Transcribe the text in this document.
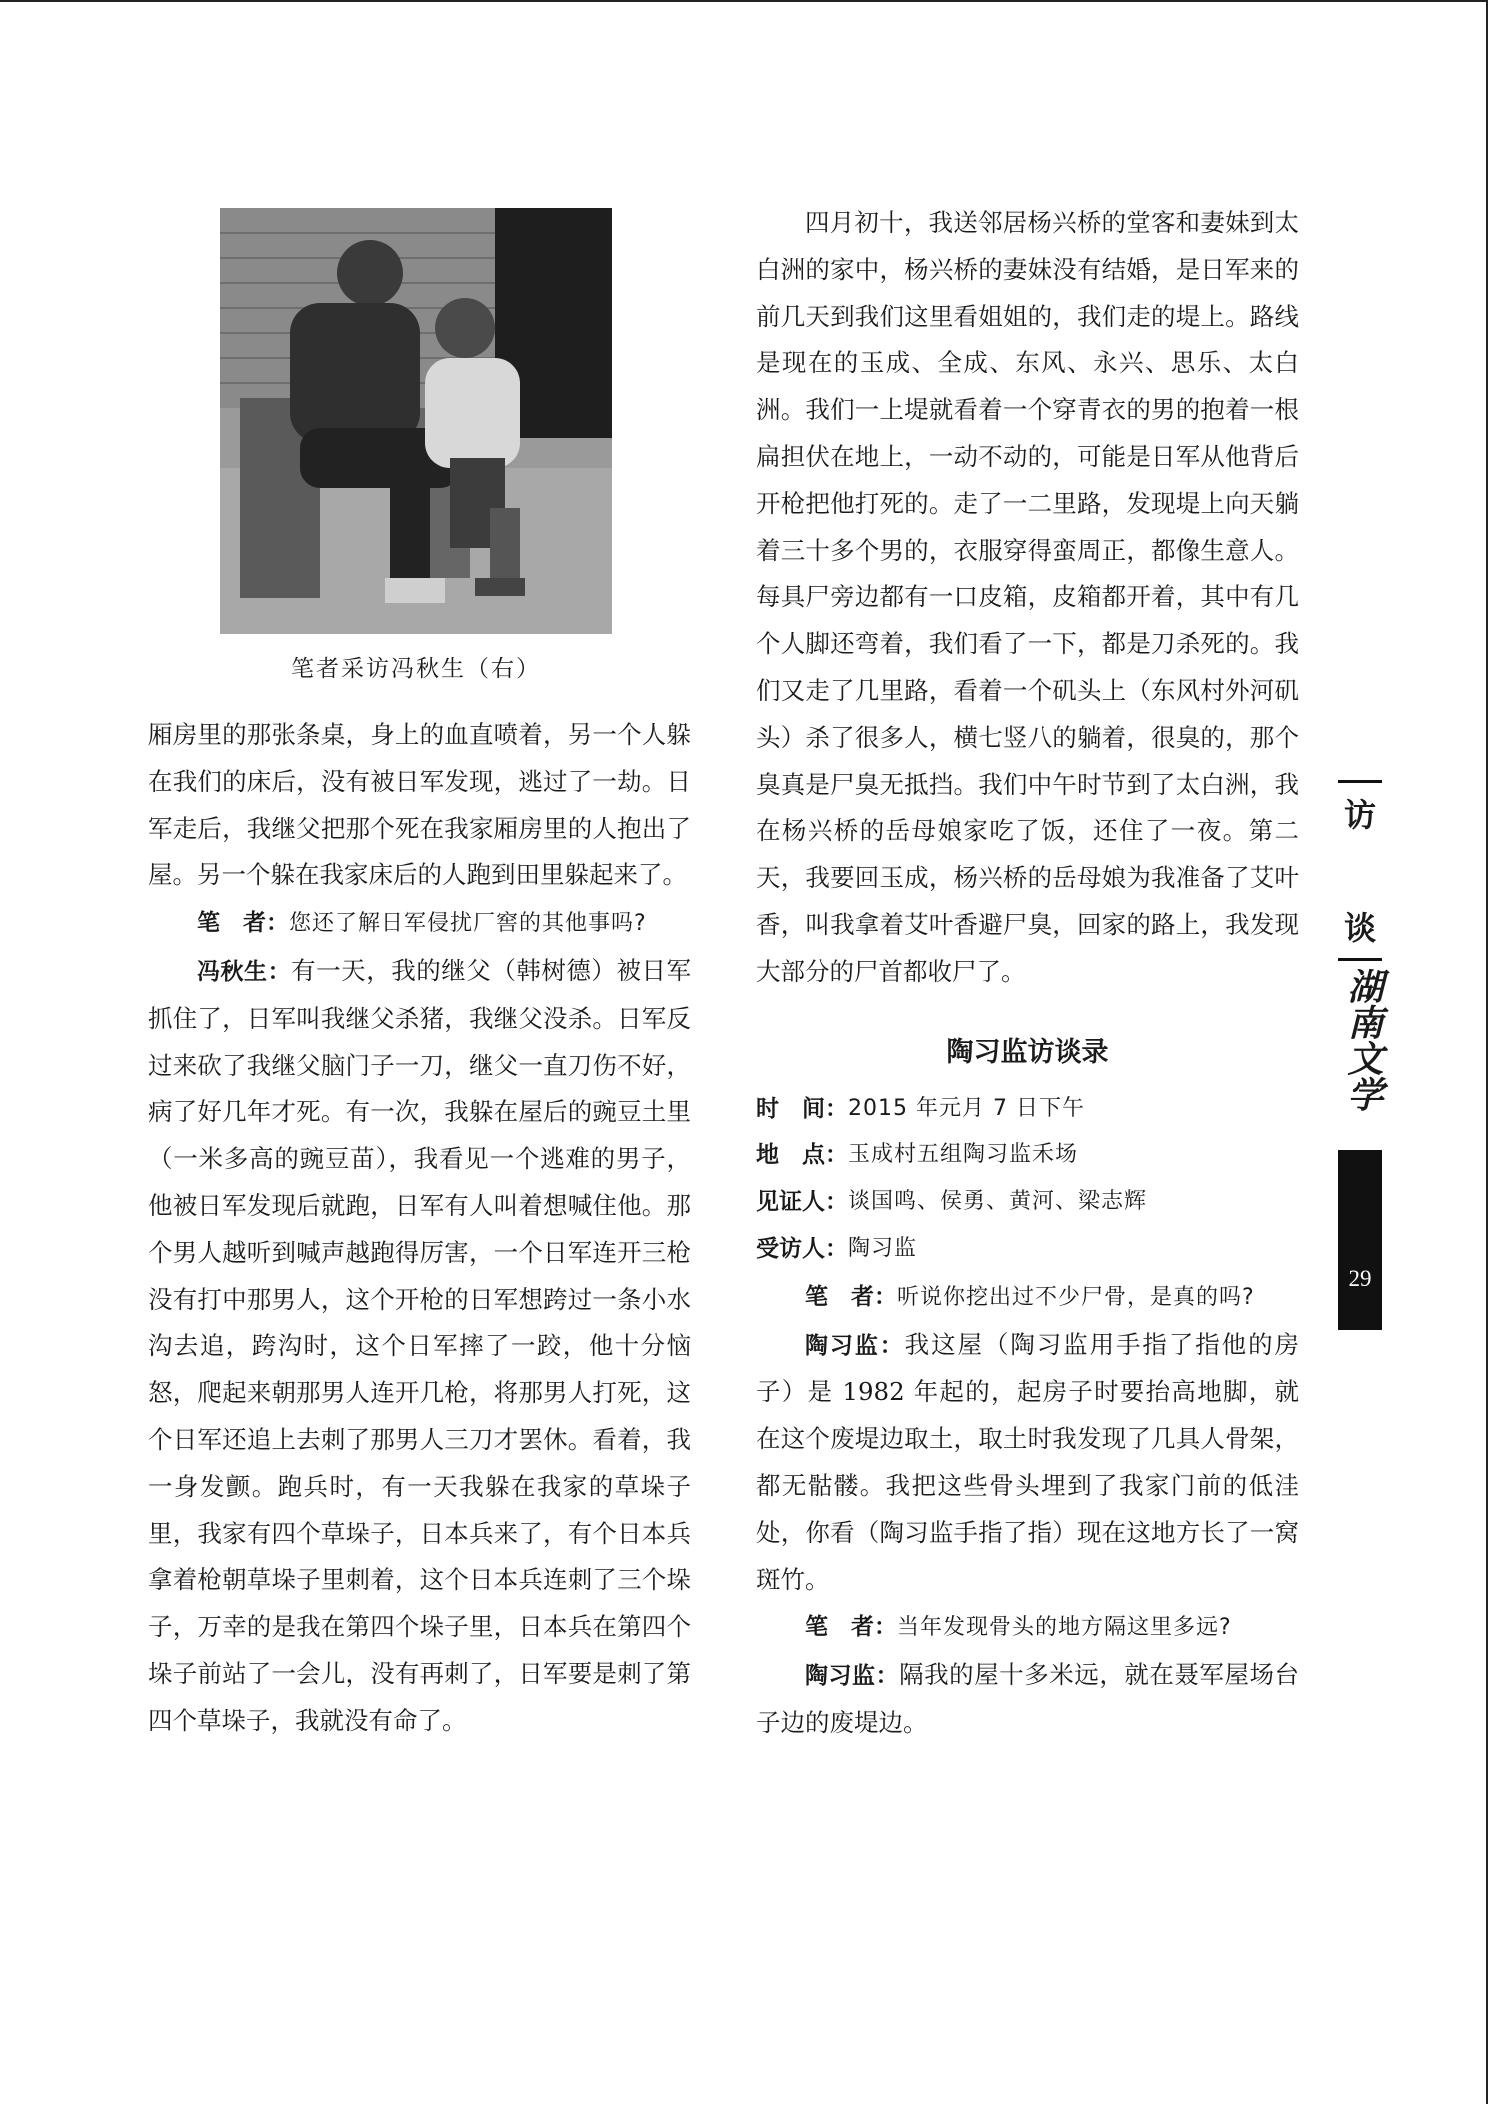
笔者采访冯秋生（右）

厢房里的那张条桌，身上的血直喷着，另一个人躲在我们的床后，没有被日军发现，逃过了一劫。日军走后，我继父把那个死在我家厢房里的人抱出了屋。另一个躲在我家床后的人跑到田里躲起来了。

笔　者：您还了解日军侵扰厂窖的其他事吗?

冯秋生：有一天，我的继父（韩树德）被日军抓住了，日军叫我继父杀猪，我继父没杀。日军反过来砍了我继父脑门子一刀，继父一直刀伤不好，病了好几年才死。有一次，我躲在屋后的豌豆土里（一米多高的豌豆苗），我看见一个逃难的男子，他被日军发现后就跑，日军有人叫着想喊住他。那个男人越听到喊声越跑得厉害，一个日军连开三枪没有打中那男人，这个开枪的日军想跨过一条小水沟去追，跨沟时，这个日军摔了一跤，他十分恼怒，爬起来朝那男人连开几枪，将那男人打死，这个日军还追上去刺了那男人三刀才罢休。看着，我一身发颤。跑兵时，有一天我躲在我家的草垛子里，我家有四个草垛子，日本兵来了，有个日本兵拿着枪朝草垛子里刺着，这个日本兵连刺了三个垛子，万幸的是我在第四个垛子里，日本兵在第四个垛子前站了一会儿，没有再刺了，日军要是刺了第四个草垛子，我就没有命了。

四月初十，我送邻居杨兴桥的堂客和妻妹到太白洲的家中，杨兴桥的妻妹没有结婚，是日军来的前几天到我们这里看姐姐的，我们走的堤上。路线是现在的玉成、全成、东风、永兴、思乐、太白洲。我们一上堤就看着一个穿青衣的男的抱着一根扁担伏在地上，一动不动的，可能是日军从他背后开枪把他打死的。走了一二里路，发现堤上向天躺着三十多个男的，衣服穿得蛮周正，都像生意人。每具尸旁边都有一口皮箱，皮箱都开着，其中有几个人脚还弯着，我们看了一下，都是刀杀死的。我们又走了几里路，看着一个矶头上（东风村外河矶头）杀了很多人，横七竖八的躺着，很臭的，那个臭真是尸臭无抵挡。我们中午时节到了太白洲，我在杨兴桥的岳母娘家吃了饭，还住了一夜。第二天，我要回玉成，杨兴桥的岳母娘为我准备了艾叶香，叫我拿着艾叶香避尸臭，回家的路上，我发现大部分的尸首都收尸了。

陶习监访谈录
时　间： 2015 年元月 7 日下午
地　点： 玉成村五组陶习监禾场
见证人： 谈国鸣、侯勇、黄河、梁志辉
受访人： 陶习监

笔　者：听说你挖出过不少尸骨，是真的吗?

陶习监：我这屋（陶习监用手指了指他的房子）是 1982 年起的，起房子时要抬高地脚，就在这个废堤边取土，取土时我发现了几具人骨架，都无骷髅。我把这些骨头埋到了我家门前的低洼处，你看（陶习监手指了指）现在这地方长了一窝斑竹。

笔　者：当年发现骨头的地方隔这里多远?

陶习监：隔我的屋十多米远，就在聂军屋场台子边的废堤边。

访
谈
湖南文学
29
